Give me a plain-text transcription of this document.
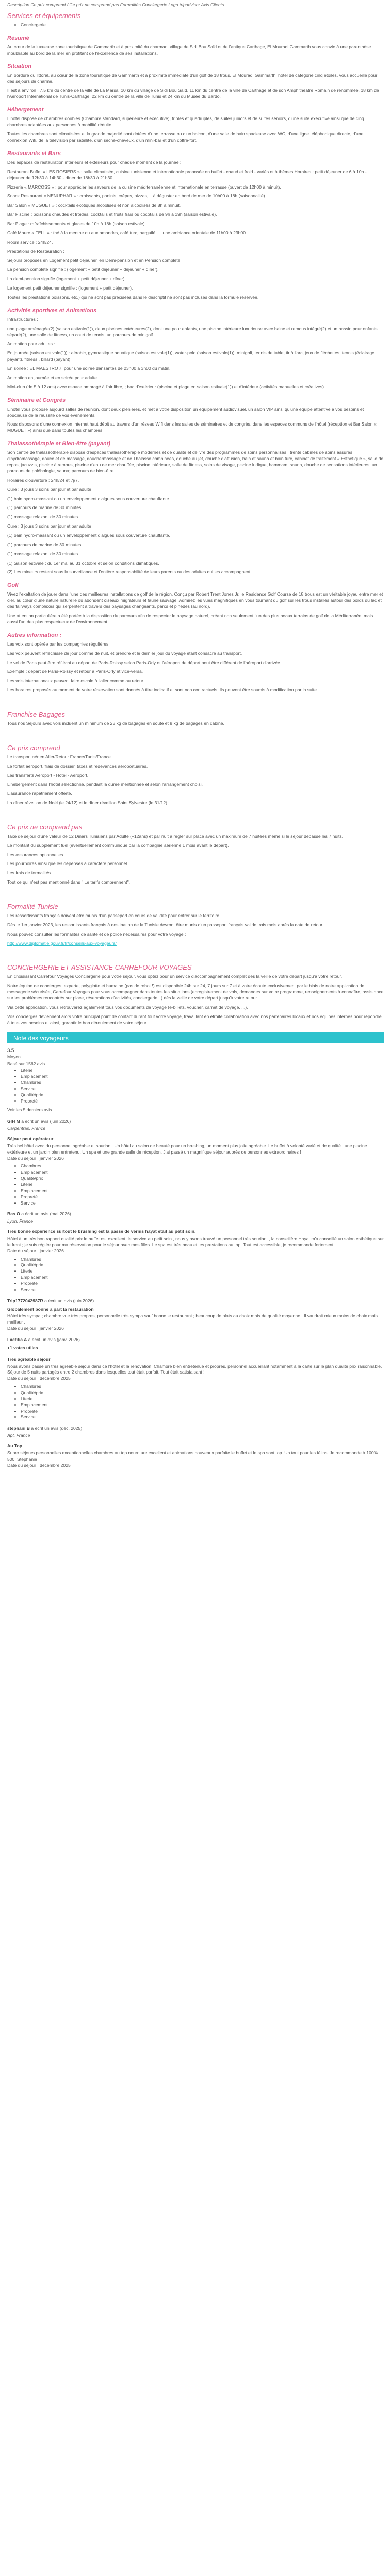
Description Ce prix comprend / Ce prix ne comprend pas Formalités Conciergerie Logo tripadvisor Avis Clients

Services et équipements
• Conciergerie
Résumé

Au cœur de la luxueuse zone touristique de Gammarth et à proximité du charmant village de Sidi Bou Saïd et de l'antique Carthage, El Mouradi Gammarth vous convie à une parenthèse inoubliable au bord de la mer en profitant de l'excellence de ses installations.

Situation

En bordure du littoral, au cœur de la zone touristique de Gammarth et à proximité immédiate d'un golf de 18 trous, El Mouradi Gammarth, hôtel de catégorie cinq étoiles, vous accueille pour des séjours de charme.

Il est à environ : 7,5 km du centre de la ville de La Marsa, 10 km du village de Sidi Bou Saïd, 11 km du centre de la ville de Carthage et de son Amphithéâtre Romain de renommée, 18 km de l'Aéroport International de Tunis-Carthage, 22 km du centre de la ville de Tunis et 24 km du Musée du Bardo.

Hébergement

L'hôtel dispose de chambres doubles (Chambre standard, supérieure et executive), triples et quadruples, de suites juniors et de suites séniors, d'une suite exécutive ainsi que de cinq chambres adaptées aux personnes à mobilité réduite.

Toutes les chambres sont climatisées et la grande majorité sont dotées d'une terrasse ou d'un balcon, d'une salle de bain spacieuse avec WC, d'une ligne téléphonique directe, d'une connexion Wifi, de la télévision par satellite, d'un sèche-cheveux, d'un mini-bar et d'un coffre-fort.

Restaurants et Bars

Des espaces de restauration intérieurs et extérieurs pour chaque moment de la journée :

Restaurant Buffet « LES ROSIERS » : salle climatisée, cuisine tunisienne et internationale proposée en buffet - chaud et froid - variés et à thèmes Horaires : petit déjeuner de 6 à 10h - déjeuner de 12h30 à 14h30 - dîner de 18h30 à 21h30.

Pizzeria « MARCOSS » : pour apprécier les saveurs de la cuisine méditerranéenne et internationale en terrasse (ouvert de 12h00 à minuit).

Snack Restaurant « NENUPHAR » : croissants, paninis, crêpes, pizzas,... à déguster en bord de mer de 10h00 à 18h (saisonnalité).

Bar Salon « MUGUET » : cocktails exotiques alcoolisés et non alcoolisés de 8h à minuit.

Bar Piscine : boissons chaudes et froides, cocktails et fruits frais ou cocotails de 9h à 19h (saison estivale).

Bar Plage : rafraîchissements et glaces de 10h à 18h (saison estivale).

Café Maure « FELL » : thé à la menthe ou aux amandes, café turc, narguilé, ... une ambiance orientale de 11h00 à 23h00.

Room service : 24h/24.

Prestations de Restauration :

Séjours proposés en Logement petit déjeuner, en Demi-pension et en Pension complète.

La pension complète signifie : (logement + petit déjeuner + déjeuner + dîner).

La demi-pension signifie (logement + petit déjeuner + dîner).

Le logement petit déjeuner signifie : (logement + petit déjeuner).

Toutes les prestations boissons, etc.) qui ne sont pas précisées dans le descriptif ne sont pas incluses dans la formule réservée.

Activités sportives et Animations

Infrastructures :

une plage aménagée(2) (saison estivale(1)), deux piscines extérieures(2), dont une pour enfants, une piscine intérieure luxurieuse avec balne et remous intégré(2) et un bassin pour enfants séparé(2), une salle de fitness, un court de tennis, un parcours de minigolf.

Animation pour adultes :

En journée (saison estivale(1)) : aérobic, gymnastique aquatique (saison estivale(1)), water-polo (saison estivale(1)), minigolf, tennis de table, tir à l'arc, jeux de fléchettes, tennis (éclairage payant), fitness , billard (payant).

En soirée : EL MAESTRO ♪, pour une soirée dansantes de 23h00 à 3h00 du matin.

Animation en journée et en soirée pour adulte.

Mini-club (de 5 à 12 ans) avec espace ombragé à l'air libre, ; bac d'extérieur (piscine et plage en saison estivale(1)) et d'intérieur (activités manuelles et créatives).

Séminaire et Congrès

L'hôtel vous propose aujourd salles de réunion, dont deux plénières, et met à votre disposition un équipement audiovisuel, un salon VIP ainsi qu'une équipe attentive à vos besoins et soucieuse de la réussite de vos événements.

Nous disposons d'une connexion Internet haut débit au travers d'un réseau Wifi dans les salles de séminaires et de congrès, dans les espaces communs de l'hôtel (réception et Bar Salon « MUGUET ») ainsi que dans toutes les chambres.

Thalassothérapie et Bien-être (payant)

Son centre de thalassothérapie dispose d'espaces thalassothérapie modernes et de qualité et délivre des programmes de soins personnalisés : trente cabines de soins assurés d'hydromassage, douce et de massage, douchermassage et de Thalasso combinées, douche au jet, douche d'affusion, bain et sauna et bain turc, cabinet de traitement « Esthétique », salle de repos, jacuzzis, piscine à remous, piscine d'eau de mer chauffée, piscine intérieure, salle de fitness, soins de visage, piscine ludique, hammam, sauna, douche de sensations intérieures, un parcours de phlébologie, sauna; parcours de bien-être.

Horaires d'ouverture : 24h/24 et 7j/7.

Cure : 3 jours 3 soins par jour et par adulte :

(1) bain hydro-massant ou un enveloppement d'algues sous couverture chauffante.

(1) parcours de marine de 30 minutes.

(1) massage relaxant de 30 minutes.

Cure : 3 jours 3 soins par jour et par adulte :

(1) bain hydro-massant ou un enveloppement d'algues sous couverture chauffante.

(1) parcours de marine de 30 minutes.

(1) massage relaxant de 30 minutes.

(1) Saison estivale : du 1er mai au 31 octobre et selon conditions climatiques.

(2) Les mineurs restent sous la surveillance et l'entière responsabilité de leurs parents ou des adultes qui les accompagnent.

Golf

Vivez l'exaltation de jouer dans l'une des meilleures installations de golf de la région. Conçu par Robert Trent Jones Jr, le Residence Golf Course de 18 trous est un véritable joyau entre mer et ciel, au cœur d'une nature naturelle où abondent oiseaux migrateurs et faune sauvage. Admirez les vues magnifiques en vous tournant du golf sur les trous installés autour des bords du lac et des fairways complexes qui serpentent à travers des paysages changeants, parcs et pinèdes (au nord).

Une attention particulière a été portée à la disposition du parcours afin de respecter le paysage naturel, créant non seulement l'un des plus beaux terrains de golf de la Méditerranée, mais aussi l'un des plus respectueux de l'environnement.

Autres information :

Les voix sont opérée par les compagnies régulières.

Les voix peuvent réflechisse de jour comme de nuit, et prendre et le dernier jour du voyage étant consacré au transport.

Le vol de Paris peut être réfléchi au départ de Paris-Roissy selon Paris-Orly et l'aéroport de départ peut être différent de l'aéroport d'arrivée.

Exemple : départ de Paris-Roissy et retour à Paris-Orly et vice-versa.

Les vols internationaux peuvent faire escale à l'aller comme au retour.

Les horaires proposés au moment de votre réservation sont donnés à titre indicatif et sont non contractuels. Ils peuvent être soumis à modification par la suite.

Franchise Bagages

Tous nos Séjours avec vols incluent un minimum de 23 kg de bagages en soute et 8 kg de bagages en cabine.

Ce prix comprend

Le transport aérien Aller/Retour France/Tunis/France.

Le forfait aéroport, frais de dossier, taxes et redevances aéroportuaires.

Les transferts Aéroport - Hôtel - Aéroport.

L'hébergement dans l'hôtel sélectionné, pendant la durée mentionnée et selon l'arrangement choisi.

L'assurance rapatriement offerte.

La dîner réveillon de Noël (le 24/12) et le dîner réveillon Saint Sylvestre (le 31/12).

Ce prix ne comprend pas

Taxe de séjour d'une valeur de 12 Dinars Tunisiens par Adulte (+12ans) et par nuit à régler sur place avec un maximum de 7 nuitées même si le séjour dépasse les 7 nuits.

Le montant du supplément fuel (éventuellement communiqué par la compagnie aérienne 1 mois avant le départ).

Les assurances optionnelles.

Les pourboires ainsi que les dépenses à caractère personnel.

Les frais de formalités.

Tout ce qui n'est pas mentionné dans " Le tarifs comprennent".

Formalité Tunisie

Les ressortissants français doivent être munis d'un passeport en cours de validité pour entrer sur le territoire.

Dès le 1er janvier 2023, les ressortissants français à destination de la Tunisie devront être munis d'un passeport français valide trois mois après la date de retour.

Nous pouvez consulter les formalités de santé et de police nécessaires pour votre voyage :

http://www.diplomatie.gouv.fr/fr/conseils-aux-voyageurs/

CONCIERGERIE ET ASSISTANCE CARREFOUR VOYAGES

En choisissant Carrefour Voyages Conciergerie pour votre séjour, vous optez pour un service d'accompagnement complet dès la veille de votre départ jusqu'à votre retour.

Notre équipe de concierges, experte, polyglotte et humaine (pas de robot !) est disponible 24h sur 24, 7 jours sur 7 et à votre écoute exclusivement par le biais de notre application de messagerie sécurisée, Carrefour Voyages pour vous accompagner dans toutes les situations (enregistrement de vols, demandes sur votre programme, renseignements à connaître, assistance sur les problèmes rencontrés sur place, réservations d'activités, conciergerie...) dès la veille de votre départ jusqu'à votre retour.

Via cette application, vous retrouverez également tous vos documents de voyage (e-billets, voucher, carnet de voyage, ...).

Vos concierges deviennent alors votre principal point de contact durant tout votre voyage, travaillant en étroite collaboration avec nos partenaires locaux et nos équipes internes pour répondre à tous vos besoins et ainsi, garantir le bon déroulement de votre séjour.

Note des voyageurs

3.5

Moyen

Basé sur 1562 avis

• Literie
• Emplacement
• Chambres
• Service
• Qualité/prix
• Propreté

Voir les 5 derniers avis

GIH M a écrit un avis (juin 2026)

Carpentras, France

Séjour peut opérateur

Très bel hôtel avec du personnel agréable et souriant. Un hôtel au salon de beauté pour un brushing, un moment plus jolie agréable. Le buffet à volonté varié et de qualité ; une piscine extérieure et un jardin bien entretenu. Un spa et une grande salle de réception. J'ai passé un magnifique séjour auprès de personnes extraordinaires !

Date du séjour : janvier 2026

• Chambres
• Emplacement
• Qualité/prix
• Literie
• Emplacement
• Propreté
• Service

Bas O a écrit un avis (mai 2026)

Lyon, France

Très bonne expérience surtout le brushing est la passe de vernis hayat était au petit soin.

Hôtel à un très bon rapport qualité prix le buffet est excellent, le service au petit soin , nous y avons trouvé un personnel très souriant , la conseillère Hayat m'a conseillé un salon esthétique sur le front ; je suis réglée pour ma réservation pour le séjour avec mes filles. Le spa est très beau et les prestations au top. Tout est accessible, je recommande fortement!

Date du séjour : janvier 2026

• Chambres
• Qualité/prix
• Literie
• Emplacement
• Propreté
• Service

Trip1772042987R a écrit un avis (juin 2026)

Globalement bonne a part la restauration

Hôtel très sympa ; chambre vue très propres, personnelle très sympa sauf bonne le restaurant ; beaucoup de plats au choix mais de qualité moyenne . Il vaudrait mieux moins de choix mais meilleur .

Date du séjour : janvier 2026

Laetitia A a écrit un avis (janv. 2026)

+1 votes utiles

Très agréable séjour

Nous avons passé un très agréable séjour dans ce l'hôtel et la rénovation. Chambre bien entretenue et propres, personnel accueillant notamment à la carte sur le plan qualité prix raisonnable. Séjour de 5 nuits partagés entre 2 chambres dans lesquelles tout était parfait. Tout était satisfaisant !

Date du séjour : décembre 2025

• Chambres
• Qualité/prix
• Literie
• Emplacement
• Propreté
• Service

stephani B a écrit un avis (déc. 2025)

Apt, France

Au Top

Super séjours personnelles exceptionnelles chambres au top nourriture excellent et animations nouveaux parfaite le buffet et le spa sont top. Un tout pour les félins. Je recommande à 100% 500. Stéphanie

Date du séjour : décembre 2025
